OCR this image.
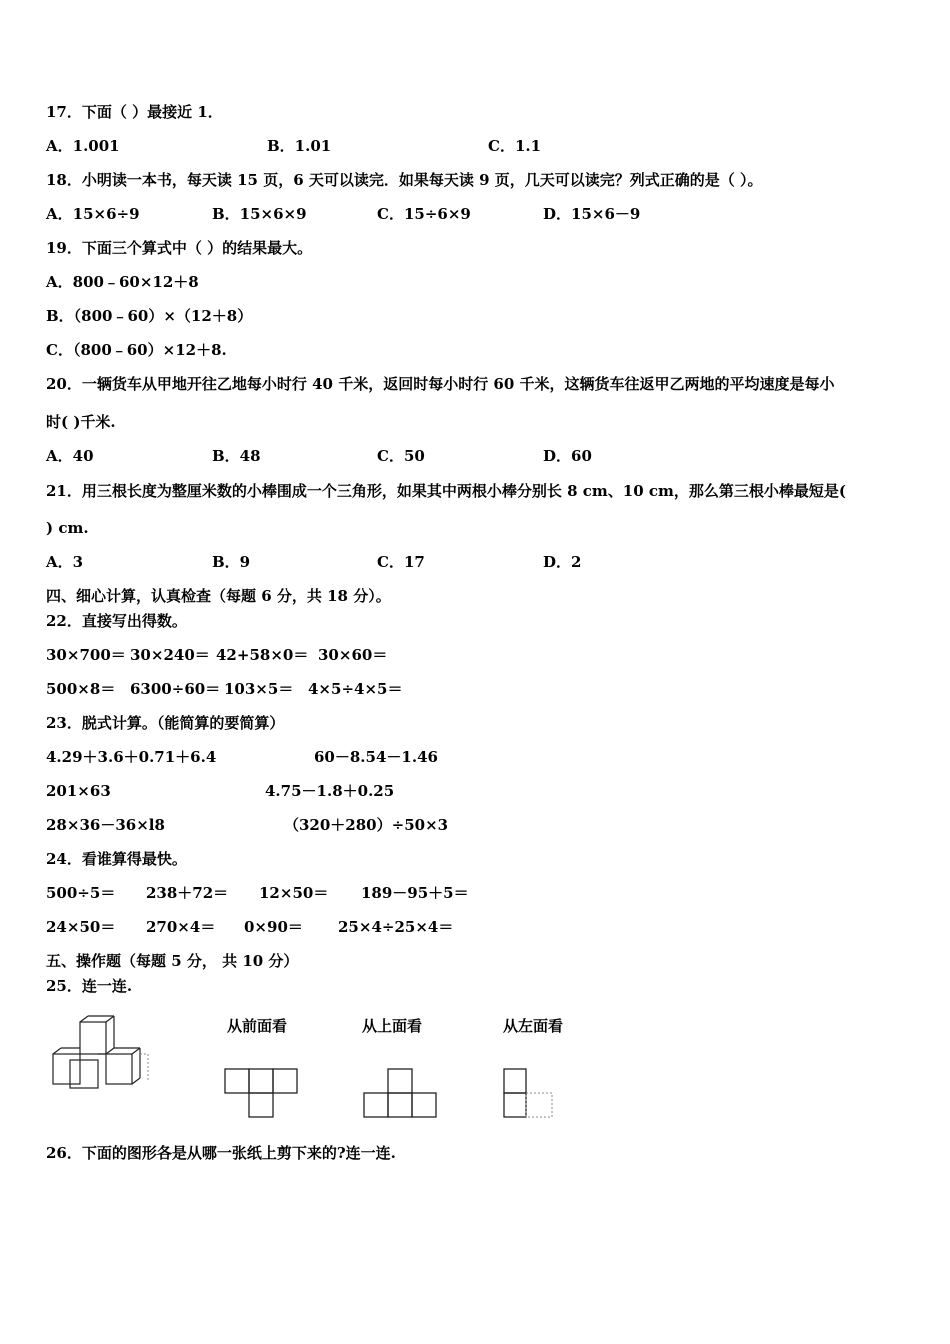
17．下面（ ）最接近 1．
A．1.001	B．1.01	C．1.1
18．小明读一本书，每天读 15 页，6 天可以读完．如果每天读 9 页，几天可以读完？列式正确的是（ ）。
A．15×6÷9	B．15×6×9	C．15÷6×9	D．15×6－9
19．下面三个算式中（ ）的结果最大。
A．800﹣60×12＋8
B．（800﹣60）×（12＋8）
C．（800﹣60）×12＋8.
20．一辆货车从甲地开往乙地每小时行 40 千米，返回时每小时行 60 千米，这辆货车往返甲乙两地的平均速度是每小
时( )千米.
A．40	B．48	C．50	D．60
21．用三根长度为整厘米数的小棒围成一个三角形，如果其中两根小棒分别长 8 cm、10 cm，那么第三根小棒最短是(
) cm.
A．3	B．9	C．17	D．2
四、细心计算，认真检查（每题 6 分，共 18 分）。
22．直接写出得数。
30×700＝ 30×240＝ 42+58×0＝ 30×60＝
500×8＝ 6300÷60＝ 103×5＝ 4×5÷4×5＝
23．脱式计算。（能简算的要简算）
4.29＋3.6＋0.71＋6.4	60－8.54－1.46
201×63	4.75－1.8＋0.25
28×36－36×l8	（320＋280）÷50×3
24．看谁算得最快。
500÷5＝ 238＋72＝ 12×50＝ 189－95＋5＝
24×50＝ 270×4＝ 0×90＝ 25×4÷25×4＝
五、操作题（每题 5 分， 共 10 分）
25．连一连.
从前面看	从上面看	从左面看
26．下面的图形各是从哪一张纸上剪下来的?连一连.
